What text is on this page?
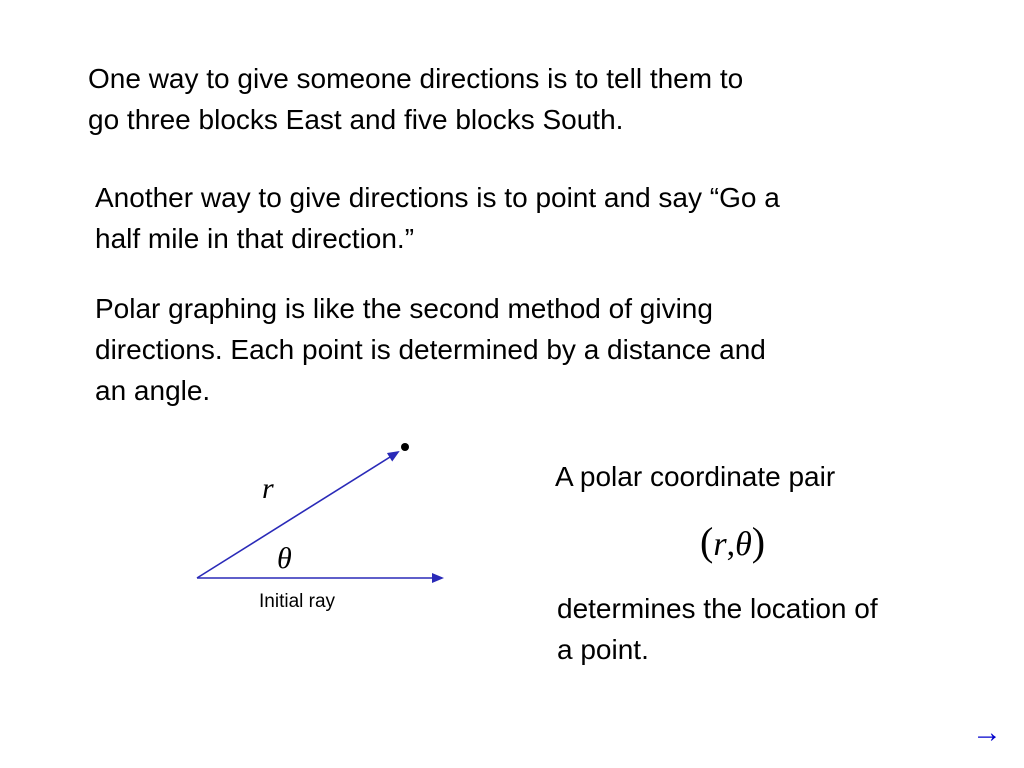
One way to give someone directions is to tell them to
go three blocks East and five blocks South.
Another way to give directions is to point and say “Go a
half mile in that direction.”
Polar graphing is like the second method of giving
directions. Each point is determined by a distance and
an angle.
r
θ
Initial ray
A polar coordinate pair
(r,θ)
determines the location of
a point.
→
